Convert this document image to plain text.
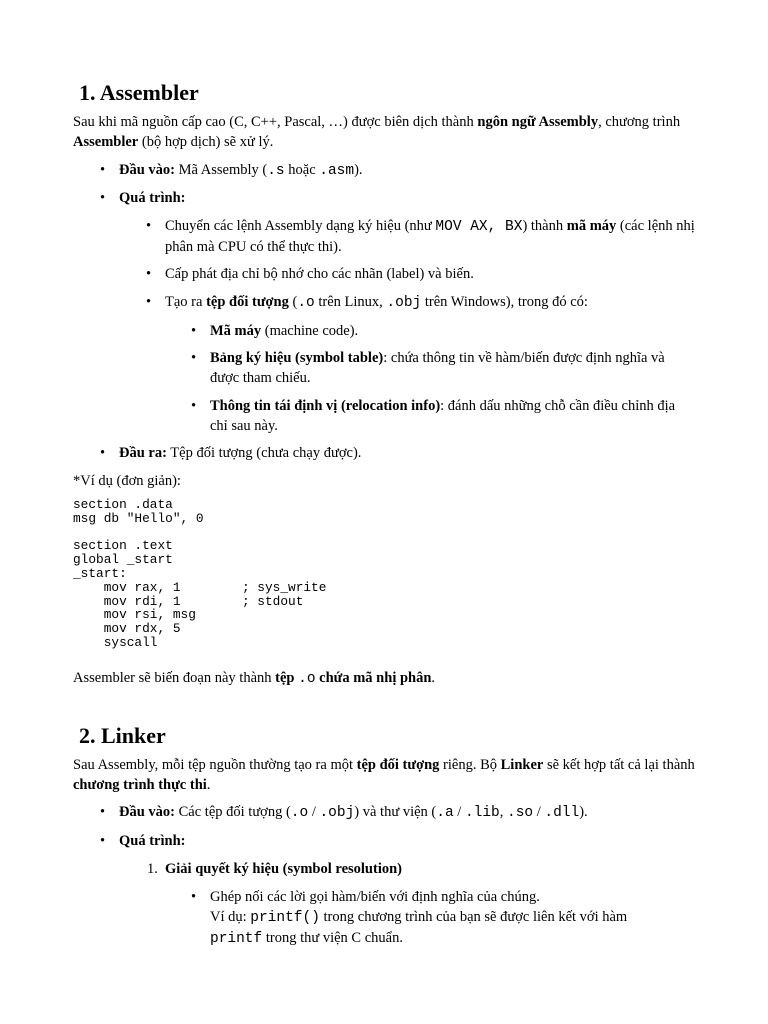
1. Assembler

Sau khi mã nguồn cấp cao (C, C++, Pascal, …) được biên dịch thành ngôn ngữ Assembly, chương trình Assembler (bộ hợp dịch) sẽ xử lý.

• Đầu vào: Mã Assembly (.s hoặc .asm).

• Quá trình:

• Chuyển các lệnh Assembly dạng ký hiệu (như MOV AX, BX) thành mã máy (các lệnh nhị phân mà CPU có thể thực thi).

• Cấp phát địa chỉ bộ nhớ cho các nhãn (label) và biến.

• Tạo ra tệp đối tượng (.o trên Linux, .obj trên Windows), trong đó có:

• Mã máy (machine code).

• Bảng ký hiệu (symbol table): chứa thông tin về hàm/biến được định nghĩa và được tham chiếu.

• Thông tin tái định vị (relocation info): đánh dấu những chỗ cần điều chỉnh địa chỉ sau này.

• Đầu ra: Tệp đối tượng (chưa chạy được).

*Ví dụ (đơn giản):

section .data
msg db "Hello", 0

section .text
global _start
_start:
mov rax, 1        ; sys_write
mov rdi, 1        ; stdout
mov rsi, msg
mov rdx, 5
syscall

Assembler sẽ biến đoạn này thành tệp .o chứa mã nhị phân.

2. Linker

Sau Assembly, mỗi tệp nguồn thường tạo ra một tệp đối tượng riêng. Bộ Linker sẽ kết hợp tất cả lại thành chương trình thực thi.

• Đầu vào: Các tệp đối tượng (.o / .obj) và thư viện (.a / .lib, .so / .dll).

• Quá trình:

1. Giải quyết ký hiệu (symbol resolution)

• Ghép nối các lời gọi hàm/biến với định nghĩa của chúng.
Ví dụ: printf() trong chương trình của bạn sẽ được liên kết với hàm
printf trong thư viện C chuẩn.
